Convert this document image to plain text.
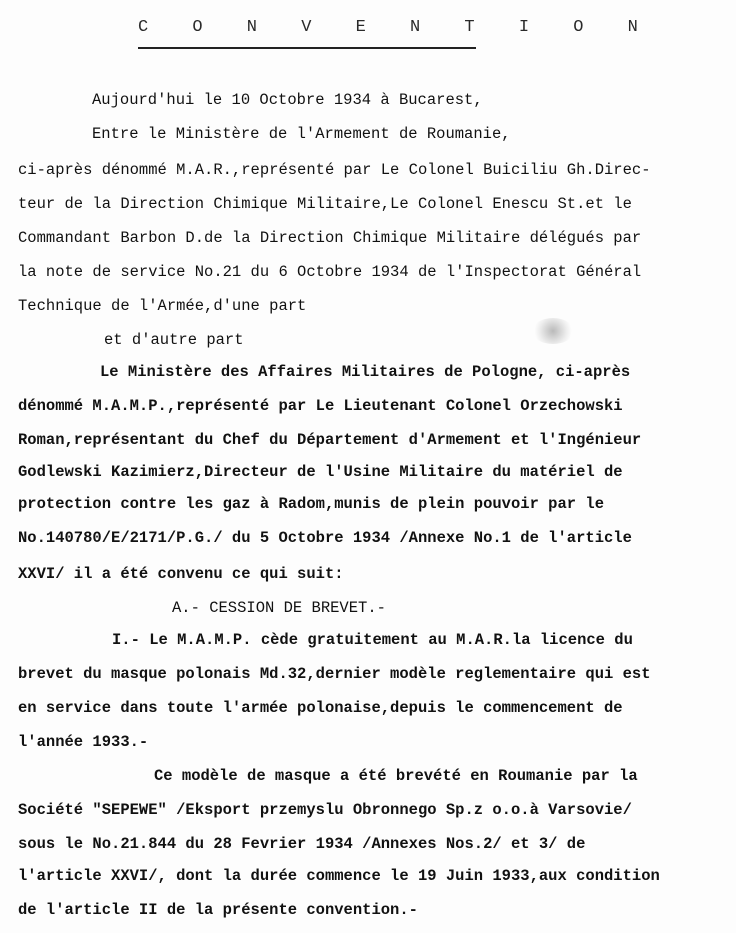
C O N V E N T I O N
Aujourd'hui le 10 Octobre 1934 à Bucarest,
Entre le Ministère de l'Armement de Roumanie,
ci-après dénommé M.A.R.,représenté par Le Colonel Buiciliu Gh.Direc-
teur de la Direction Chimique Militaire,Le Colonel Enescu St.et le
Commandant Barbon D.de la Direction Chimique Militaire délégués par
la note de service No.21 du 6 Octobre 1934 de l'Inspectorat Général
Technique de l'Armée,d'une part
et d'autre part
Le Ministère des Affaires Militaires de Pologne, ci-après
dénommé M.A.M.P.,représenté par Le Lieutenant Colonel Orzechowski
Roman,représentant du Chef du Département d'Armement et l'Ingénieur
Godlewski Kazimierz,Directeur de l'Usine Militaire du matériel de
protection contre les gaz à Radom,munis de plein pouvoir par le
No.140780/E/2171/P.G./ du 5 Octobre 1934 /Annexe No.1 de l'article
XXVI/ il a été convenu ce qui suit:
A.- CESSION DE BREVET.-
I.- Le M.A.M.P. cède gratuitement au M.A.R.la licence du
brevet du masque polonais Md.32,dernier modèle reglementaire qui est
en service dans toute l'armée polonaise,depuis le commencement de
l'année 1933.-
Ce modèle de masque a été brevété en Roumanie par la
Société "SEPEWE" /Eksport przemyslu Obronnego Sp.z o.o.à Varsovie/
sous le No.21.844 du 28 Fevrier 1934 /Annexes Nos.2/ et 3/ de
l'article XXVI/, dont la durée commence le 19 Juin 1933,aux condition
de l'article II de la présente convention.-
